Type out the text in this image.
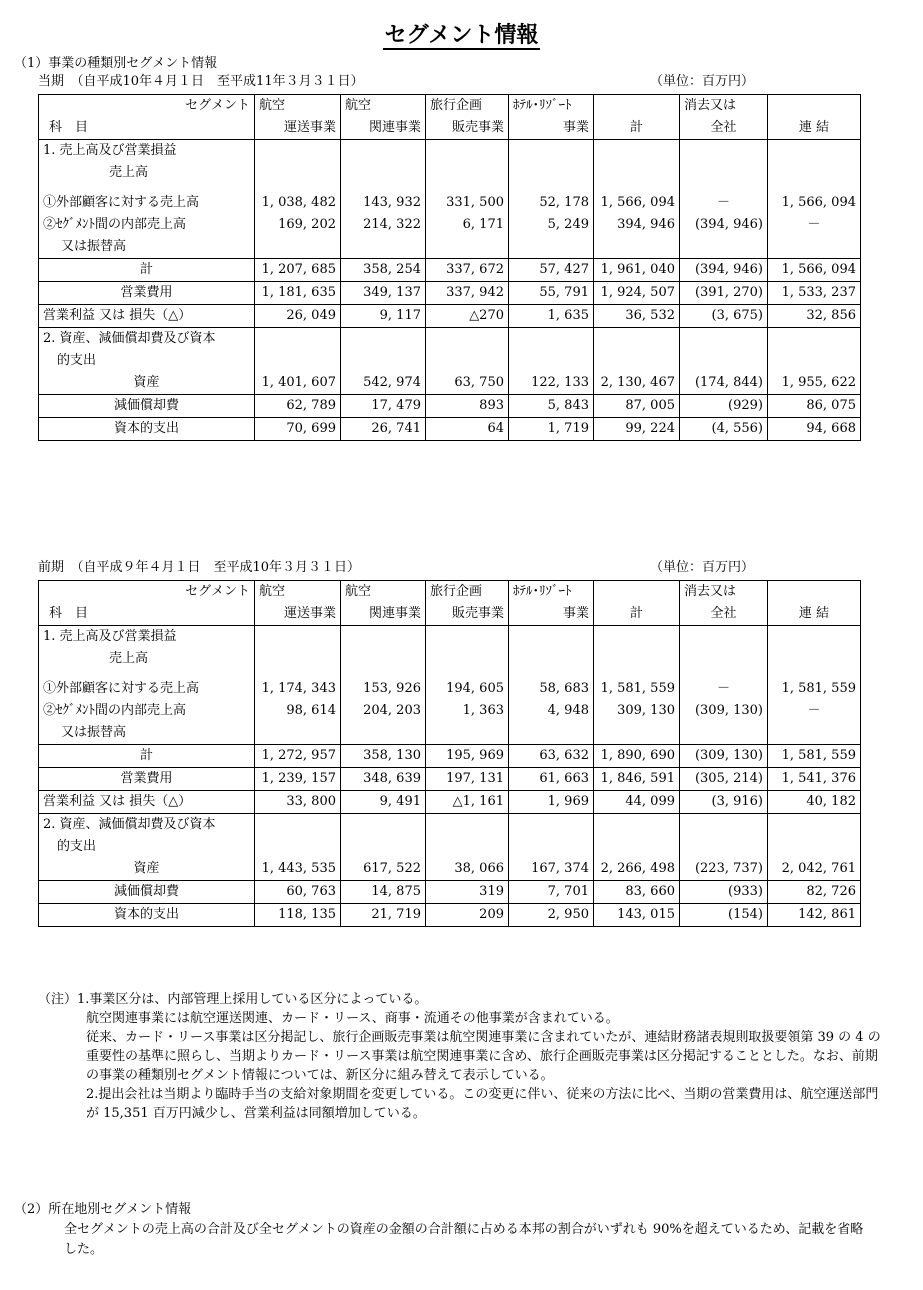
セグメント情報
（1）事業の種類別セグメント情報
当期　（自平成10年４月１日　至平成11年３月３１日）	（単位：百万円）
セグメント	航空	航空	旅行企画	ﾎﾃﾙ･ﾘｿﾞｰﾄ		消去又は	
科　目	運送事業	関連事業	販売事業	事業	計	全社	連 結
1. 売上高及び営業損益							
売上高							

①外部顧客に対する売上高	1, 038, 482	143, 932	331, 500	52, 178	1, 566, 094	－	1, 566, 094
②ｾｸﾞﾒﾝﾄ間の内部売上高	169, 202	214, 322	6, 171	5, 249	394, 946	(394, 946)	－
又は振替高							
計	1, 207, 685	358, 254	337, 672	57, 427	1, 961, 040	(394, 946)	1, 566, 094
営業費用	1, 181, 635	349, 137	337, 942	55, 791	1, 924, 507	(391, 270)	1, 533, 237
営業利益 又は 損失（△）	26, 049	9, 117	△270	1, 635	36, 532	(3, 675)	32, 856
2. 資産、減価償却費及び資本							
的支出							
資産	1, 401, 607	542, 974	63, 750	122, 133	2, 130, 467	(174, 844)	1, 955, 622
減価償却費	62, 789	17, 479	893	5, 843	87, 005	(929)	86, 075
資本的支出	70, 699	26, 741	64	1, 719	99, 224	(4, 556)	94, 668
前期　（自平成９年４月１日　至平成10年３月３１日）	（単位：百万円）
セグメント	航空	航空	旅行企画	ﾎﾃﾙ･ﾘｿﾞｰﾄ		消去又は	
科　目	運送事業	関連事業	販売事業	事業	計	全社	連 結
1. 売上高及び営業損益							
売上高							

①外部顧客に対する売上高	1, 174, 343	153, 926	194, 605	58, 683	1, 581, 559	－	1, 581, 559
②ｾｸﾞﾒﾝﾄ間の内部売上高	98, 614	204, 203	1, 363	4, 948	309, 130	(309, 130)	－
又は振替高							
計	1, 272, 957	358, 130	195, 969	63, 632	1, 890, 690	(309, 130)	1, 581, 559
営業費用	1, 239, 157	348, 639	197, 131	61, 663	1, 846, 591	(305, 214)	1, 541, 376
営業利益 又は 損失（△）	33, 800	9, 491	△1, 161	1, 969	44, 099	(3, 916)	40, 182
2. 資産、減価償却費及び資本							
的支出							
資産	1, 443, 535	617, 522	38, 066	167, 374	2, 266, 498	(223, 737)	2, 042, 761
減価償却費	60, 763	14, 875	319	7, 701	83, 660	(933)	82, 726
資本的支出	118, 135	21, 719	209	2, 950	143, 015	(154)	142, 861

（注）1.事業区分は、内部管理上採用している区分によっている。

航空関連事業には航空運送関連、カード・リース、商事・流通その他事業が含まれている。

従来、カード・リース事業は区分掲記し、旅行企画販売事業は航空関連事業に含まれていたが、連結財務諸表規則取扱要領第 39 の 4 の重要性の基準に照らし、当期よりカード・リース事業は航空関連事業に含め、旅行企画販売事業は区分掲記することとした。なお、前期の事業の種類別セグメント情報については、新区分に組み替えて表示している。

2.提出会社は当期より臨時手当の支給対象期間を変更している。この変更に伴い、従来の方法に比べ、当期の営業費用は、航空運送部門が 15,351 百万円減少し、営業利益は同額増加している。

（2）所在地別セグメント情報
全セグメントの売上高の合計及び全セグメントの資産の金額の合計額に占める本邦の割合がいずれも 90%を超えているため、記載を省略した。
